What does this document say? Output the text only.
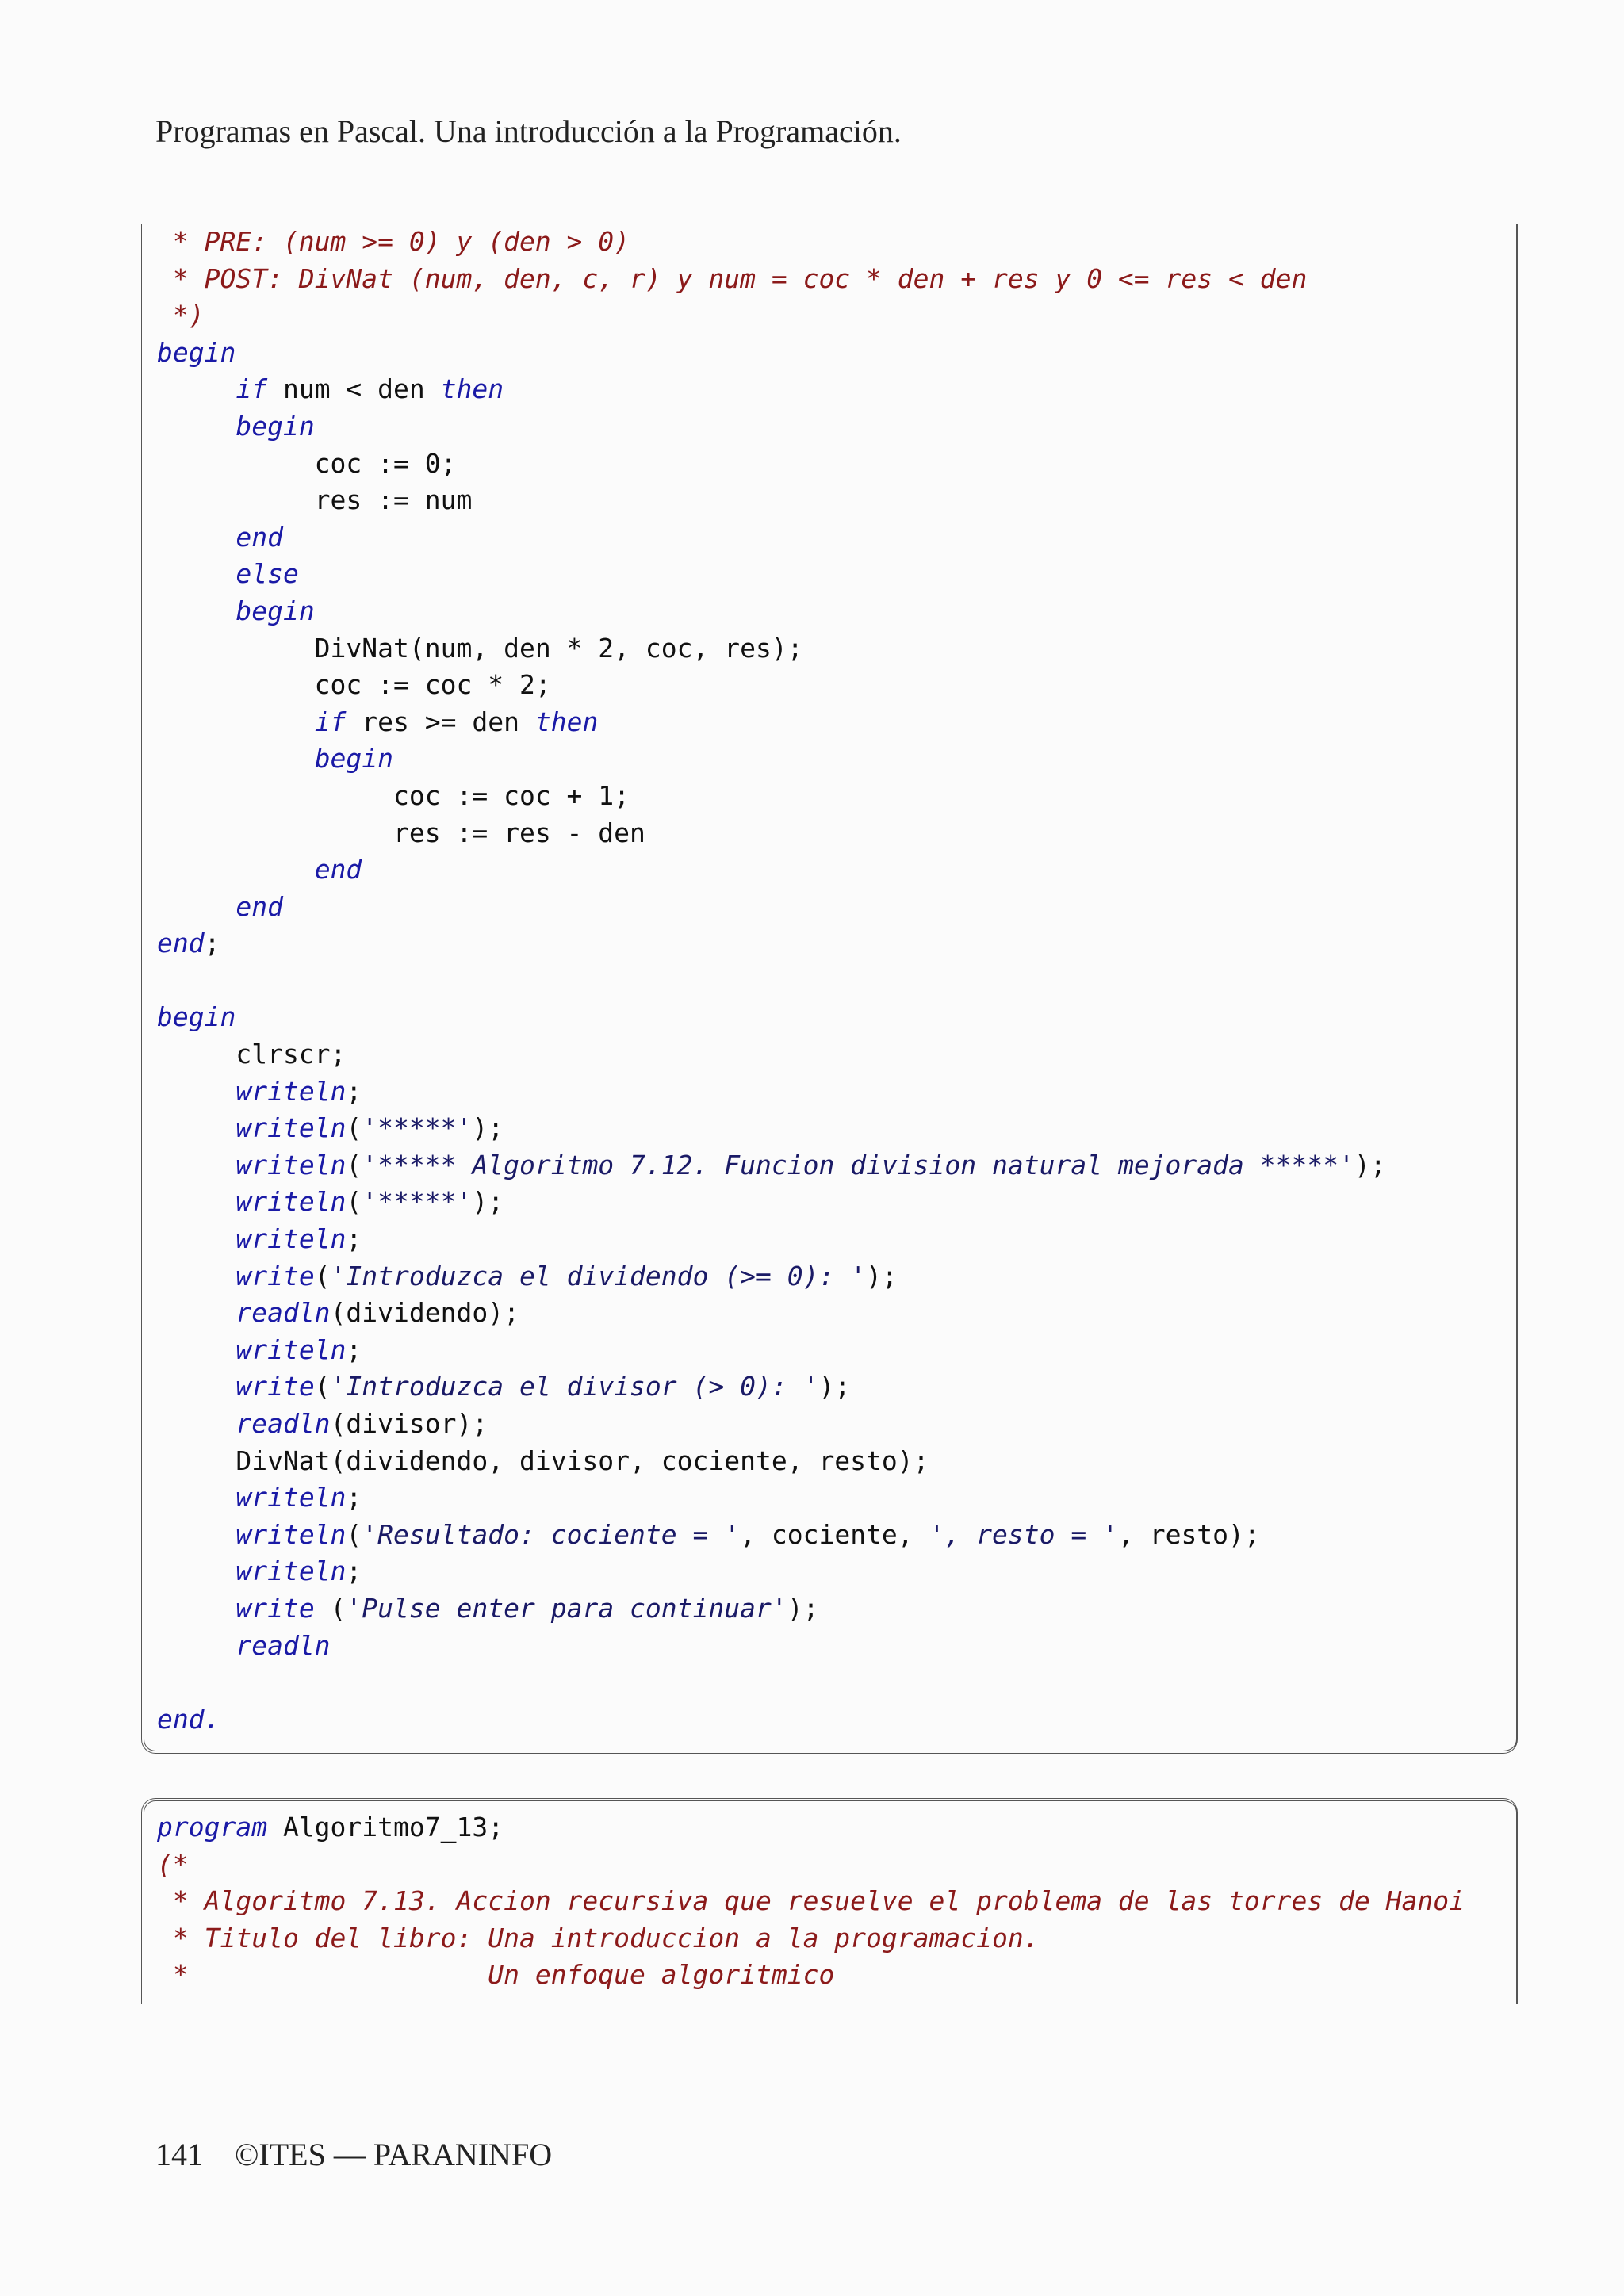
Programas en Pascal. Una introducción a la Programación.
* PRE: (num >= 0) y (den > 0)
* POST: DivNat (num, den, c, r) y num = coc * den + res y 0 <= res < den
*)
begin
if num < den then
begin
coc := 0;
res := num
end
else
begin
DivNat(num, den * 2, coc, res);
coc := coc * 2;
if res >= den then
begin
coc := coc + 1;
res := res - den
end
end
end;

begin
clrscr;
writeln;
writeln('*****');
writeln('***** Algoritmo 7.12. Funcion division natural mejorada *****');
writeln('*****');
writeln;
write('Introduzca el dividendo (>= 0): ');
readln(dividendo);
writeln;
write('Introduzca el divisor (> 0): ');
readln(divisor);
DivNat(dividendo, divisor, cociente, resto);
writeln;
writeln('Resultado: cociente = ', cociente, ', resto = ', resto);
writeln;
write ('Pulse enter para continuar');
readln

end.
program Algoritmo7_13;
(*
* Algoritmo 7.13. Accion recursiva que resuelve el problema de las torres de Hanoi
* Titulo del libro: Una introduccion a la programacion.
*                   Un enfoque algoritmico
141 ©ITES — PARANINFO
